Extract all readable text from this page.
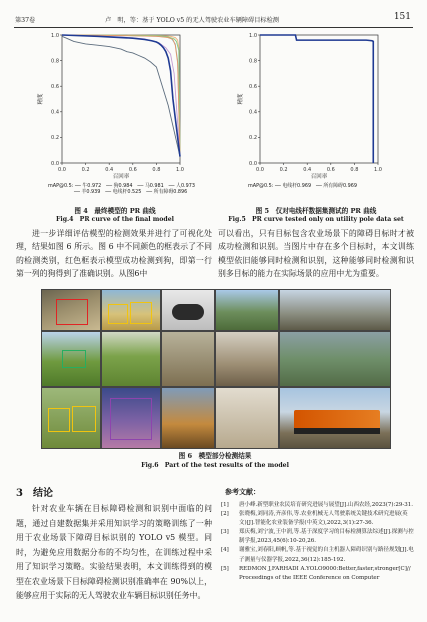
第37卷	卢　明，等：基于 YOLO v5 的无人驾驶农业车辆障碍目标检测	151
0.0	0.2	0.4	0.6	0.8	1.0
0.0
0.2
0.4
0.6
0.8
1.0
召回率
精度
mAP@0.5: ── 牛0.972　── 狗0.984　── 马0.981　── 人0.973
── 羊0.939　── 电线杆0.525　── 所有障碍0.896
图 4　最终模型的 PR 曲线
Fig.4　PR curve of the final model
0.0	0.2	0.4	0.6	0.8	1.0
0.0
0.2
0.4
0.6
0.8
1.0
召回率
精度
mAP@0.5: ── 电线杆0.969　── 所有障碍0.969
图 5　仅对电线杆数据集测试的 PR 曲线
Fig.5　PR curve tested only on utility pole data set
进一步详细评估模型的检测效果并进行了可视化处理，结果如图 6 所示。图 6 中不同颜色的框表示了不同的检测类别，红色框表示模型成功检测到狗，即第一行第一列的狗得到了准确识别。从图6中
可以看出，只有目标包含农业场景下的障碍目标时才被成功检测和识别。当图片中存在多个目标时，本文训练模型依旧能够同时检测和识别，这种能够同时检测和识别多目标的能力在实际场景的应用中尤为重要。
图 6　模型部分检测结果
Fig.6　Part of the test results of the model
3　结论
针对农业车辆在目标障碍检测和识别中面临的问题，通过自建数据集并采用知识学习的策略训练了一种用于农业场景下障碍目标识别的 YOLO v5 模型。同时，为避免应用数据分布的不均匀性，在训练过程中采用了知识学习策略。实验结果表明，本文训练得到的模型在农业场景下目标障碍检测识别准确率在 90%以上，能够应用于实际的无人驾驶农业车辆目标识别任务中。
参考文献：
[1]	唐小峰.新型职业农民培育研究进展与展望[J].山西农经,2023(7):29-31.
[2]	张晓梅,刘同涛,齐彦伟,等.农业机械无人驾驶系统关键技术研究进展(英文)[J].智能化农业装备学报(中英文),2022,3(1):27-36.
[3]	郑庆梅,刘宁波,王中润,等.基于深度学习的目标检测算法综述[J].探测与控制学报,2023,45(6):10-20,26.
[4]	谢雅宝,刘春阳,顾帆,等.基于视觉的自主机器人障碍识别与路径规划[J].电子测量与仪器学报,2022,36(12):185-192.
[5]	REDMON J,FARHADI A.YOLO9000:Better,faster,stronger[C]// Proceedings of the IEEE Conference on Computer
